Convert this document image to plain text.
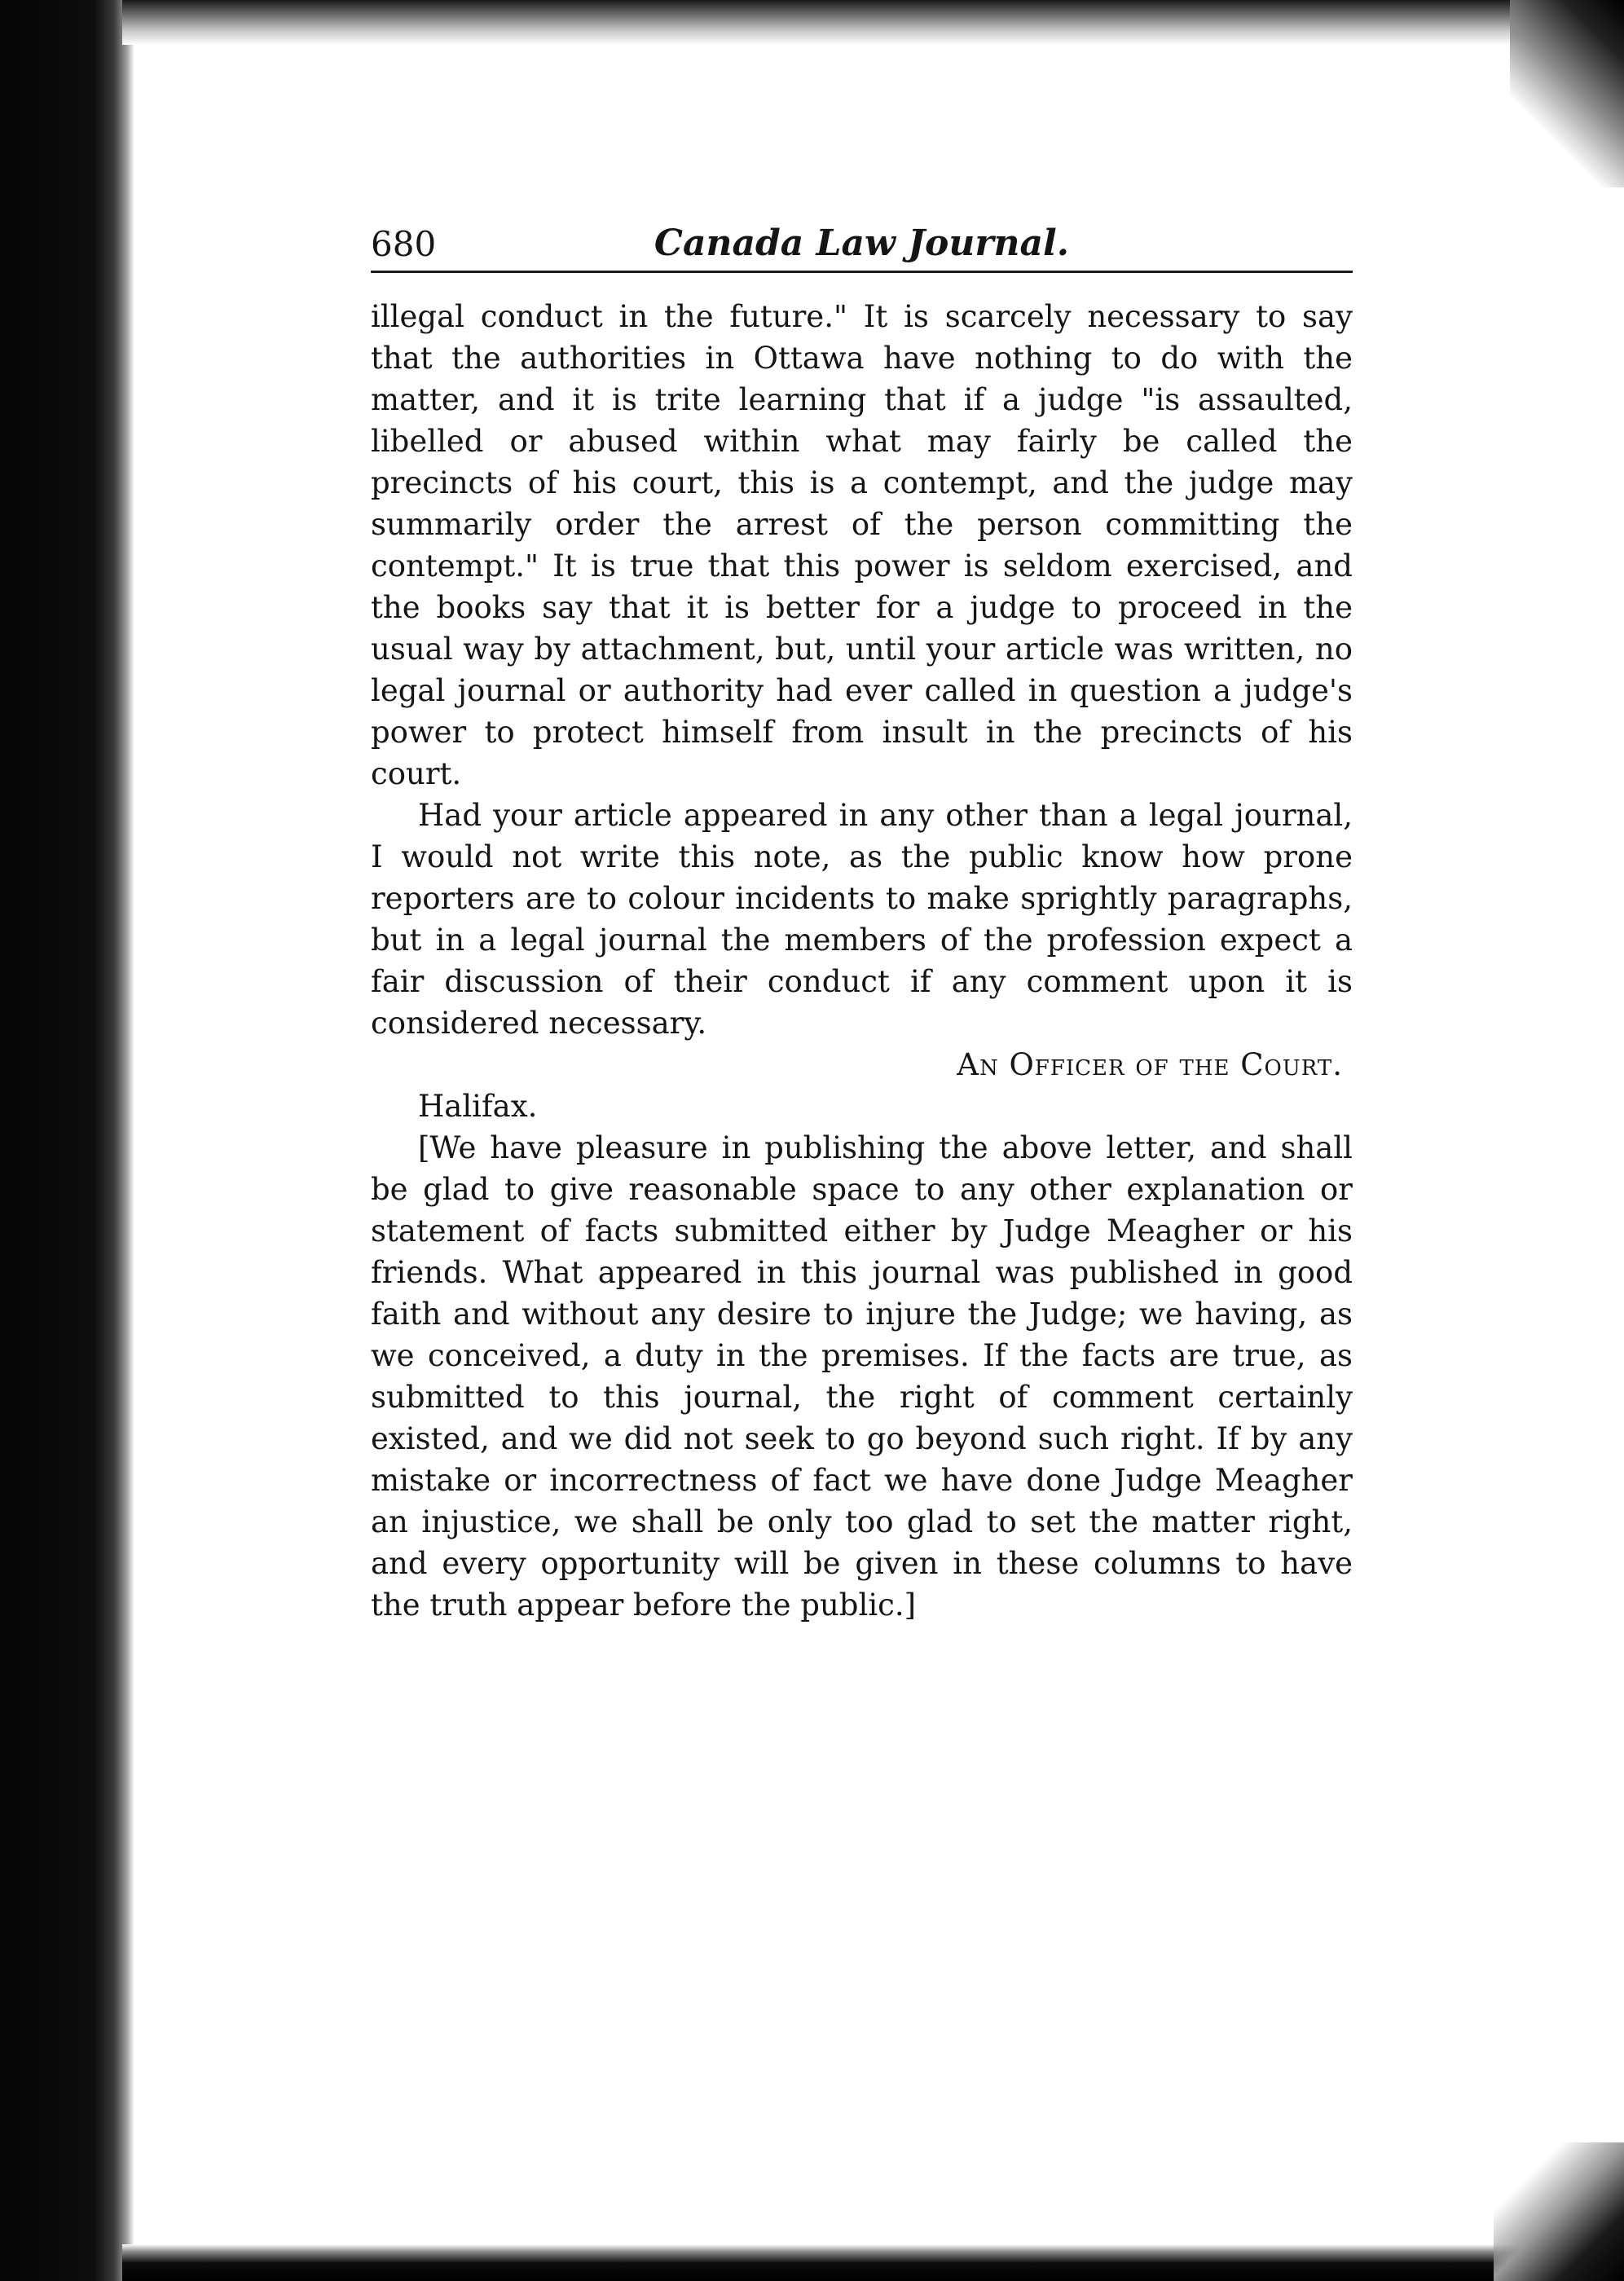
680	Canada Law Journal.

illegal conduct in the future." It is scarcely necessary to say that the authorities in Ottawa have nothing to do with the matter, and it is trite learning that if a judge "is assaulted, libelled or abused within what may fairly be called the precincts of his court, this is a contempt, and the judge may summarily order the arrest of the person committing the contempt." It is true that this power is seldom exercised, and the books say that it is better for a judge to proceed in the usual way by attachment, but, until your article was written, no legal journal or authority had ever called in question a judge's power to protect himself from insult in the precincts of his court.

Had your article appeared in any other than a legal journal, I would not write this note, as the public know how prone reporters are to colour incidents to make sprightly paragraphs, but in a legal journal the members of the profession expect a fair discussion of their conduct if any comment upon it is considered necessary.

An Officer of the Court.

Halifax.

[We have pleasure in publishing the above letter, and shall be glad to give reasonable space to any other explanation or statement of facts submitted either by Judge Meagher or his friends. What appeared in this journal was published in good faith and without any desire to injure the Judge; we having, as we conceived, a duty in the premises. If the facts are true, as submitted to this journal, the right of comment certainly existed, and we did not seek to go beyond such right. If by any mistake or incorrectness of fact we have done Judge Meagher an injustice, we shall be only too glad to set the matter right, and every opportunity will be given in these columns to have the truth appear before the public.]
